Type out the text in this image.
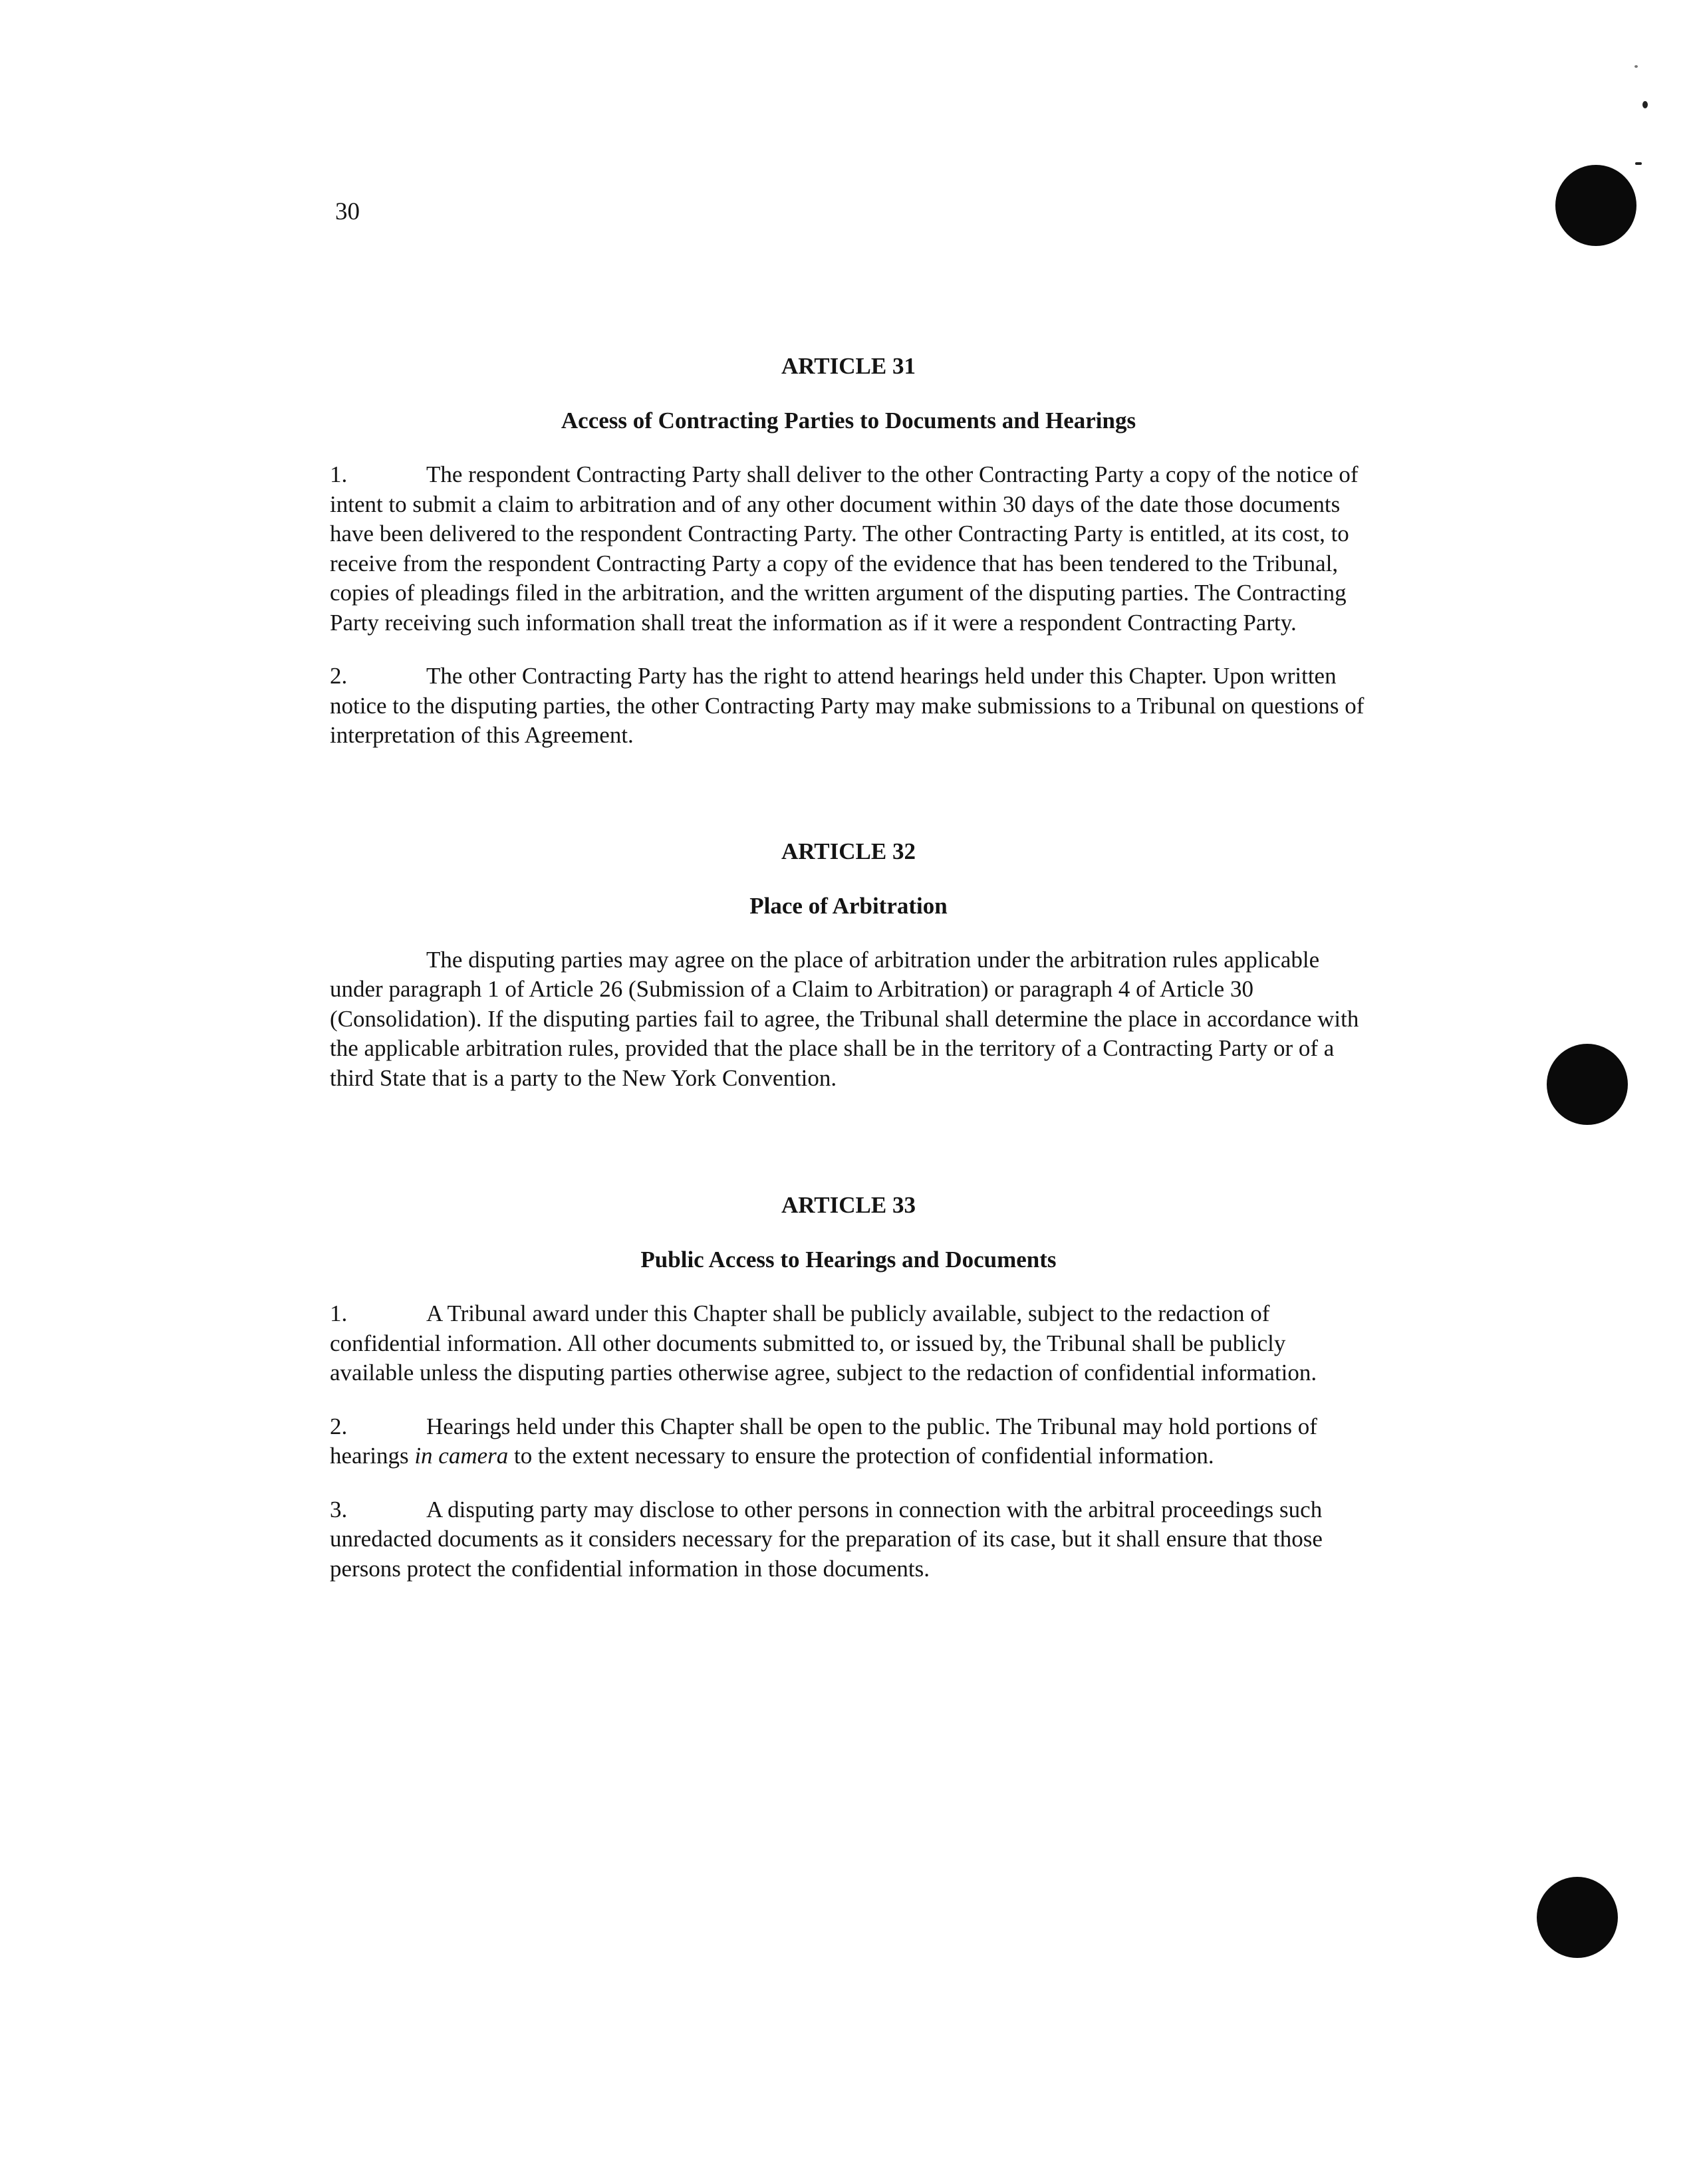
30
ARTICLE 31
Access of Contracting Parties to Documents and Hearings

1.	The respondent Contracting Party shall deliver to the other Contracting Party a copy of the notice of intent to submit a claim to arbitration and of any other document within 30 days of the date those documents have been delivered to the respondent Contracting Party. The other Contracting Party is entitled, at its cost, to receive from the respondent Contracting Party a copy of the evidence that has been tendered to the Tribunal, copies of pleadings filed in the arbitration, and the written argument of the disputing parties. The Contracting Party receiving such information shall treat the information as if it were a respondent Contracting Party.

2.	The other Contracting Party has the right to attend hearings held under this Chapter. Upon written notice to the disputing parties, the other Contracting Party may make submissions to a Tribunal on questions of interpretation of this Agreement.

ARTICLE 32
Place of Arbitration

The disputing parties may agree on the place of arbitration under the arbitration rules applicable under paragraph 1 of Article 26 (Submission of a Claim to Arbitration) or paragraph 4 of Article 30 (Consolidation). If the disputing parties fail to agree, the Tribunal shall determine the place in accordance with the applicable arbitration rules, provided that the place shall be in the territory of a Contracting Party or of a third State that is a party to the New York Convention.

ARTICLE 33
Public Access to Hearings and Documents

1.	A Tribunal award under this Chapter shall be publicly available, subject to the redaction of confidential information. All other documents submitted to, or issued by, the Tribunal shall be publicly available unless the disputing parties otherwise agree, subject to the redaction of confidential information.

2.	Hearings held under this Chapter shall be open to the public. The Tribunal may hold portions of hearings in camera to the extent necessary to ensure the protection of confidential information.

3.	A disputing party may disclose to other persons in connection with the arbitral proceedings such unredacted documents as it considers necessary for the preparation of its case, but it shall ensure that those persons protect the confidential information in those documents.
